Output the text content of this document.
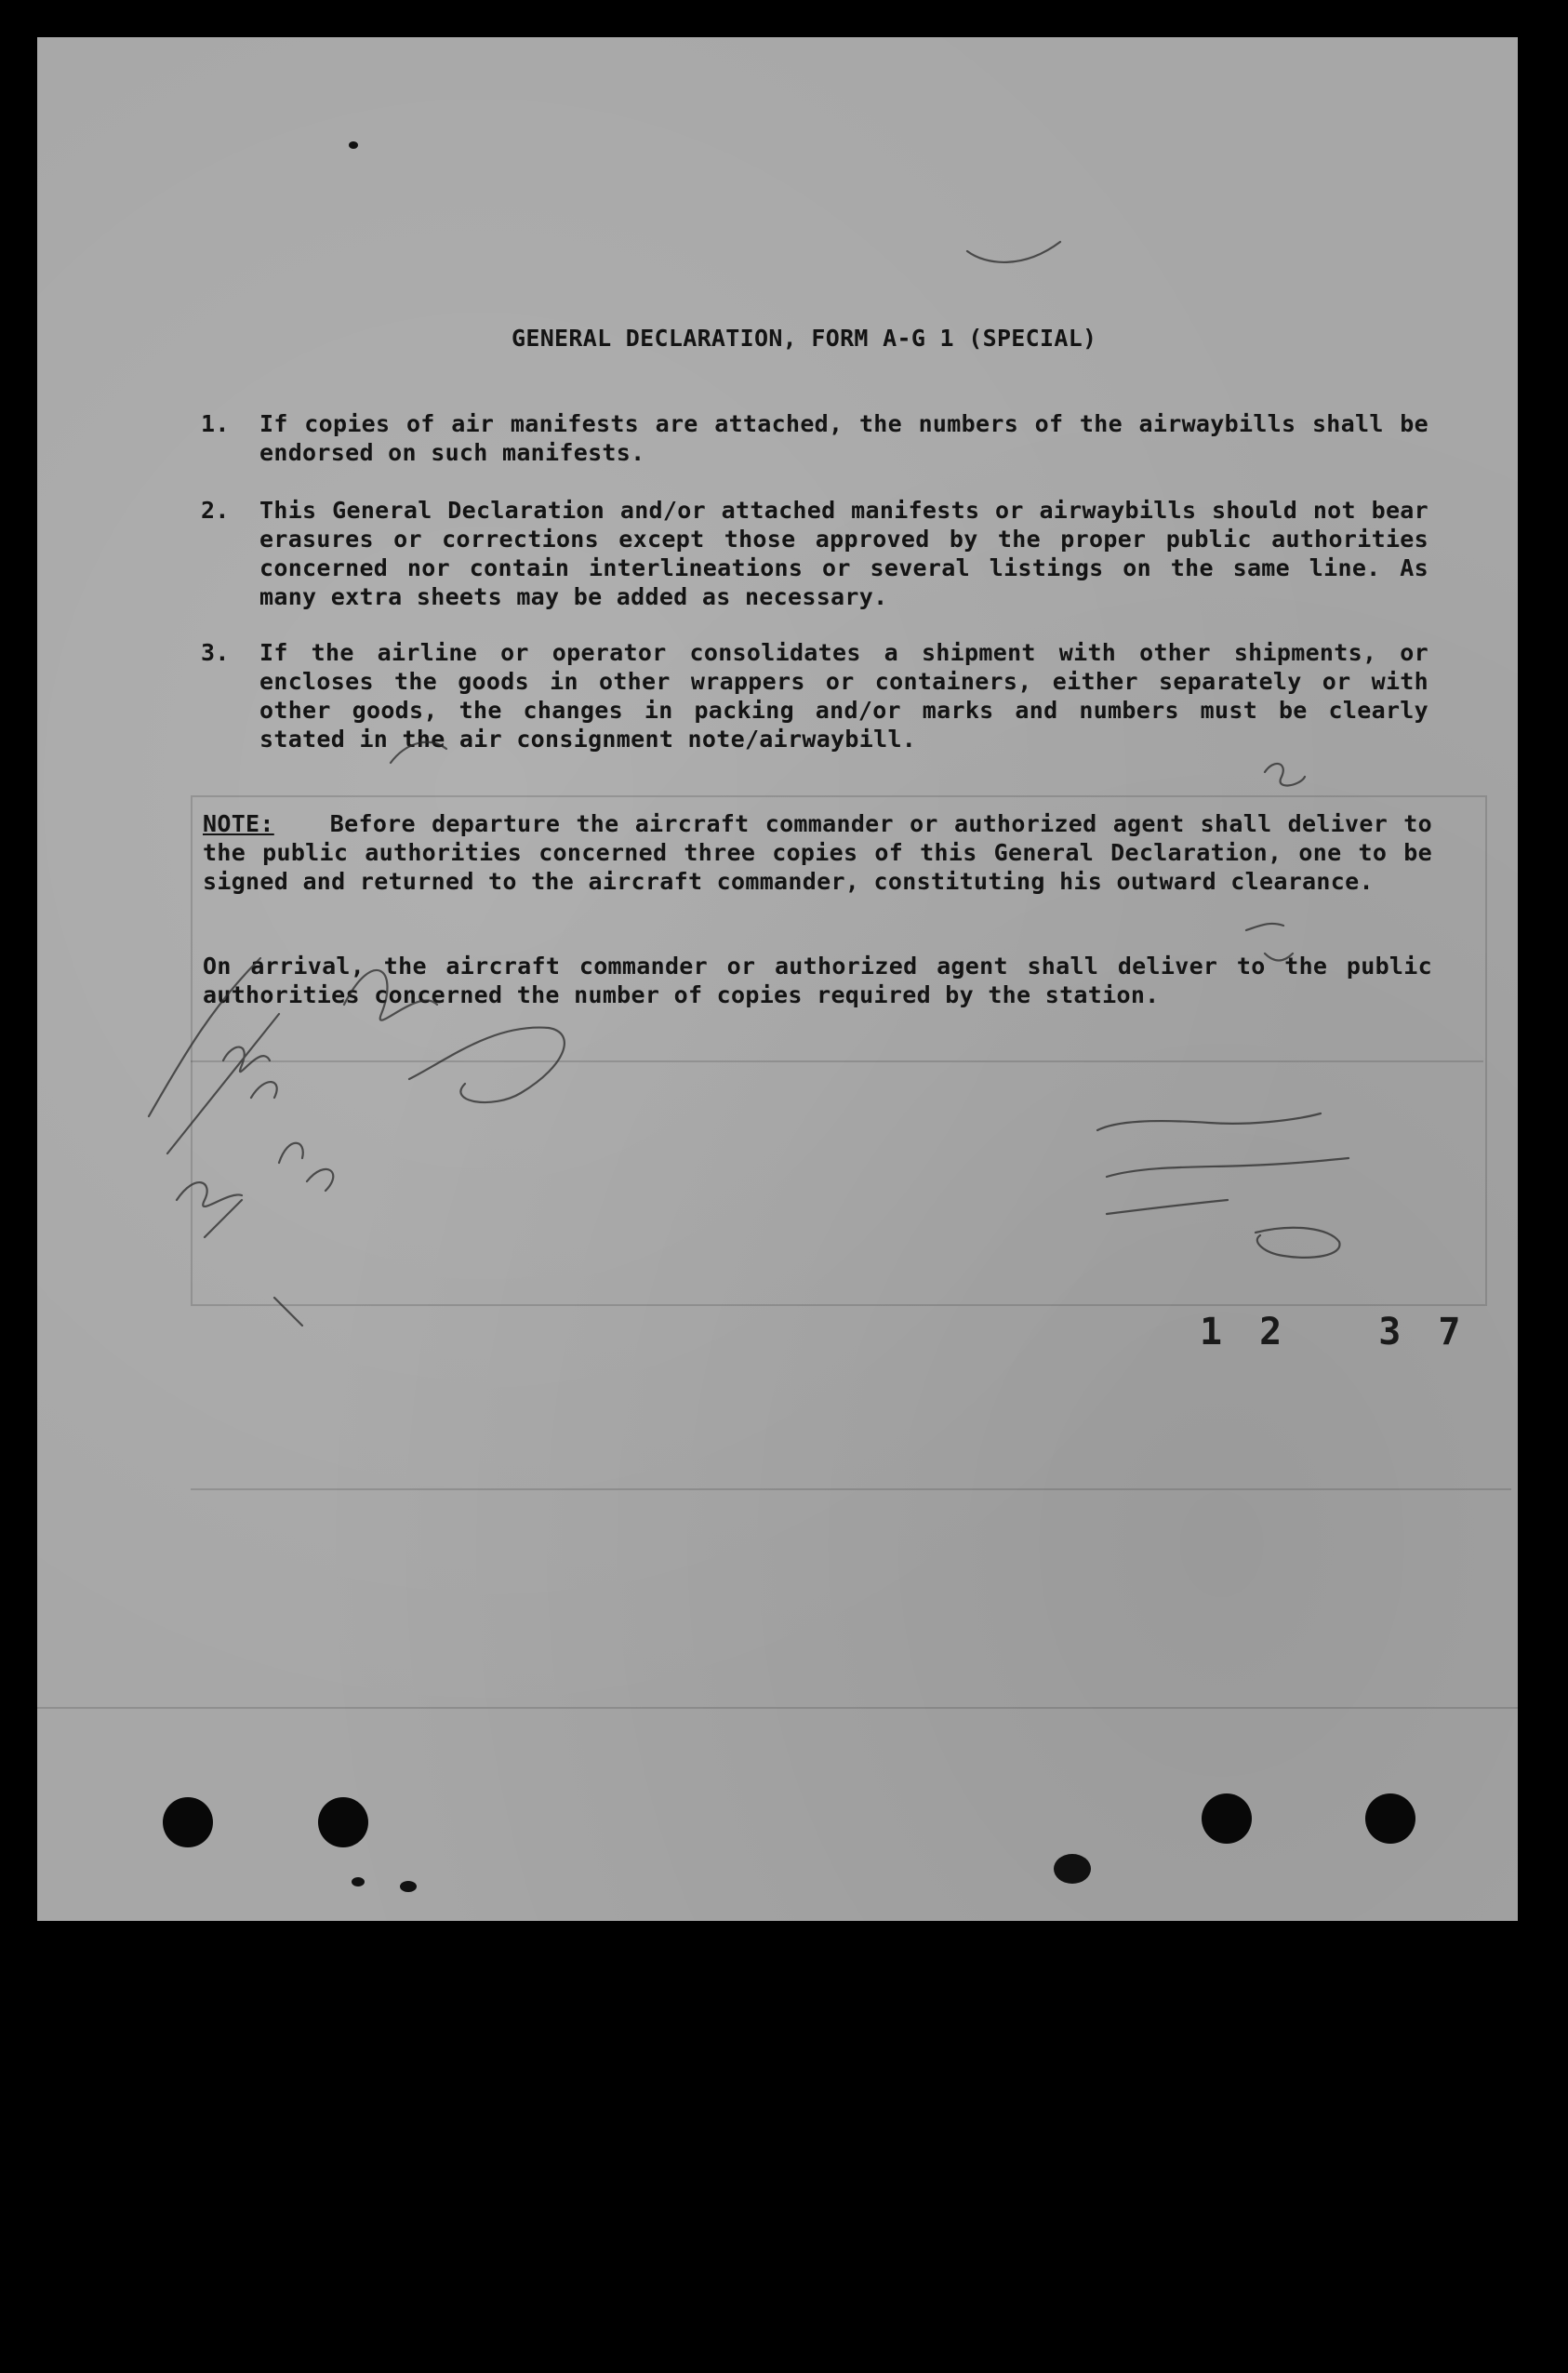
GENERAL DECLARATION, FORM A-G 1 (SPECIAL)
1.	If copies of air manifests are attached, the numbers of the airwaybills shall be endorsed on such manifests.
2.	This General Declaration and/or attached manifests or airwaybills should not bear erasures or corrections except those approved by the proper public authorities concerned nor contain interlineations or several listings on the same line. As many extra sheets may be added as necessary.
3.	If the airline or operator consolidates a shipment with other shipments, or encloses the goods in other wrappers or containers, either separately or with other goods, the changes in packing and/or marks and numbers must be clearly stated in the air consignment note/airwaybill.
NOTE: Before departure the aircraft commander or authorized agent shall deliver to the public authorities concerned three copies of this General Declaration, one to be signed and returned to the aircraft commander, constituting his outward clearance.
On arrival, the aircraft commander or authorized agent shall deliver to the public authorities concerned the number of copies required by the station.
12 37
